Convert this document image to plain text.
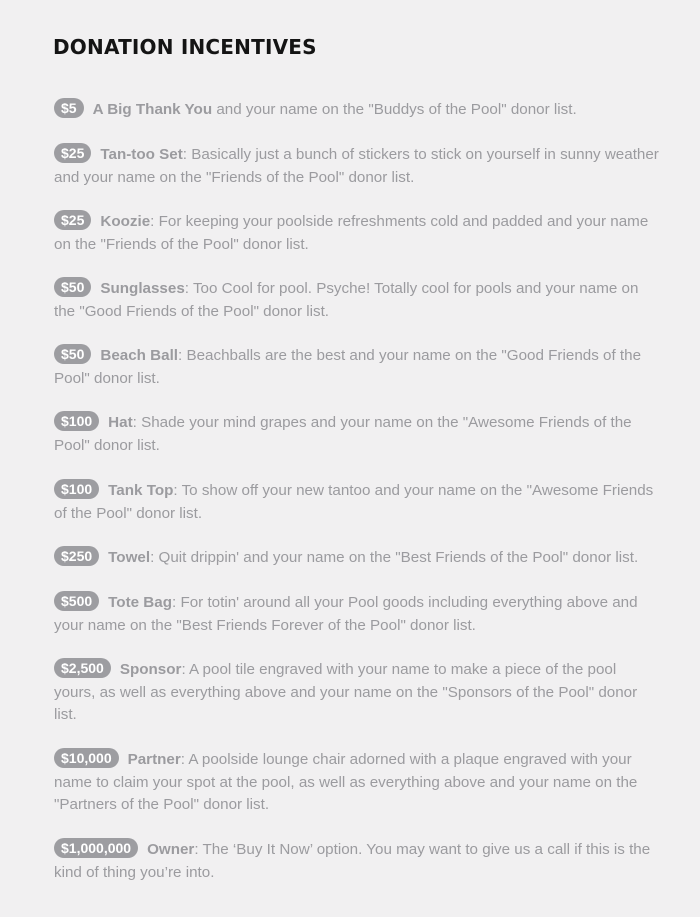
DONATION INCENTIVES

$5 A Big Thank You and your name on the "Buddys of the Pool" donor list.

$25 Tan-too Set: Basically just a bunch of stickers to stick on yourself in sunny weather and your name on the "Friends of the Pool" donor list.

$25 Koozie: For keeping your poolside refreshments cold and padded and your name on the "Friends of the Pool" donor list.

$50 Sunglasses: Too Cool for pool. Psyche! Totally cool for pools and your name on the "Good Friends of the Pool" donor list.

$50 Beach Ball: Beachballs are the best and your name on the "Good Friends of the Pool" donor list.

$100 Hat: Shade your mind grapes and your name on the "Awesome Friends of the Pool" donor list.

$100 Tank Top: To show off your new tantoo and your name on the "Awesome Friends of the Pool" donor list.

$250 Towel: Quit drippin' and your name on the "Best Friends of the Pool" donor list.

$500 Tote Bag: For totin' around all your Pool goods including everything above and your name on the "Best Friends Forever of the Pool" donor list.

$2,500 Sponsor: A pool tile engraved with your name to make a piece of the pool yours, as well as everything above and your name on the "Sponsors of the Pool" donor list.

$10,000 Partner: A poolside lounge chair adorned with a plaque engraved with your name to claim your spot at the pool, as well as everything above and your name on the "Partners of the Pool" donor list.

$1,000,000 Owner: The ‘Buy It Now’ option. You may want to give us a call if this is the kind of thing you’re into.
